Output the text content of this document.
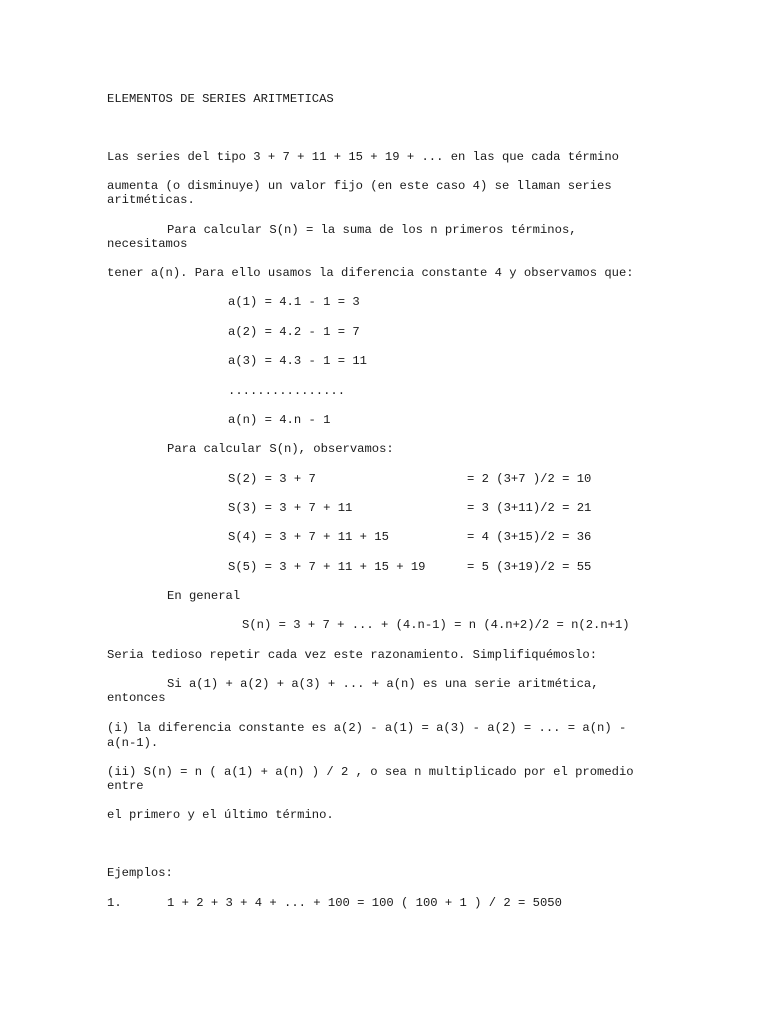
ELEMENTOS DE SERIES ARITMETICAS
Las series del tipo 3 + 7 + 11 + 15 + 19 + ... en las que cada término
aumenta (o disminuye) un valor fijo (en este caso 4) se llaman series
aritméticas.
Para calcular S(n) = la suma de los n primeros términos,
necesitamos
tener a(n). Para ello usamos la diferencia constante 4 y observamos que:
a(1) = 4.1 - 1 = 3
a(2) = 4.2 - 1 = 7
a(3) = 4.3 - 1 = 11
................
a(n) = 4.n - 1
Para calcular S(n), observamos:
S(2) = 3 + 7	= 2 (3+7 )/2 = 10
S(3) = 3 + 7 + 11	= 3 (3+11)/2 = 21
S(4) = 3 + 7 + 11 + 15	= 4 (3+15)/2 = 36
S(5) = 3 + 7 + 11 + 15 + 19	= 5 (3+19)/2 = 55
En general
S(n) = 3 + 7 + ... + (4.n-1) = n (4.n+2)/2 = n(2.n+1)
Seria tedioso repetir cada vez este razonamiento. Simplifiquémoslo:
Si a(1) + a(2) + a(3) + ... + a(n) es una serie aritmética,
entonces
(i) la diferencia constante es a(2) - a(1) = a(3) - a(2) = ... = a(n) -
a(n-1).
(ii) S(n) = n ( a(1) + a(n) ) / 2 , o sea n multiplicado por el promedio
entre
el primero y el último término.
Ejemplos:
1.	1 + 2 + 3 + 4 + ... + 100 = 100 ( 100 + 1 ) / 2 = 5050
